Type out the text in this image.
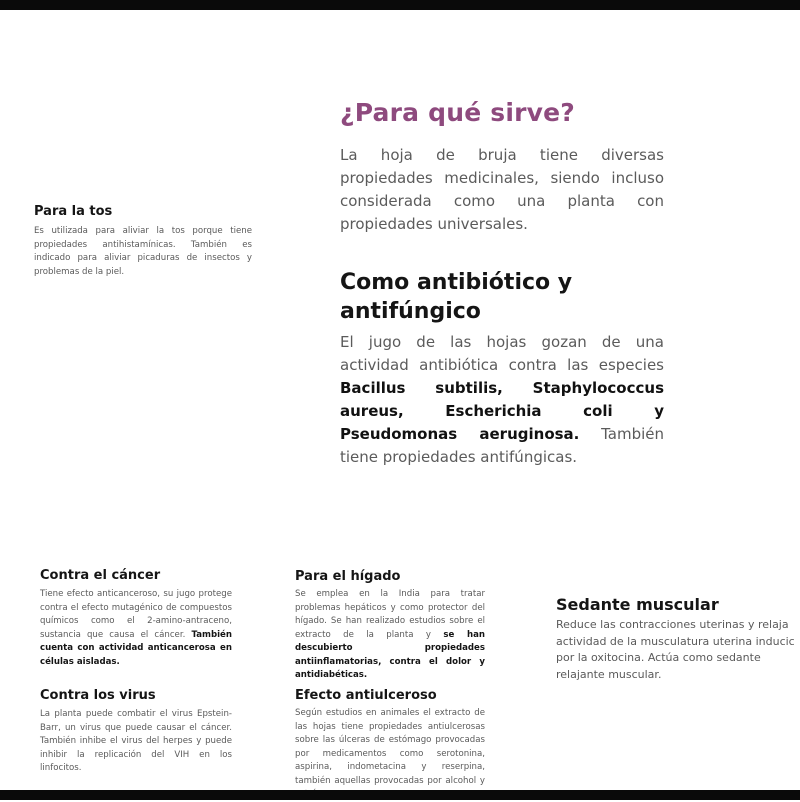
¿Para qué sirve?

La hoja de bruja tiene diversas propiedades medicinales, siendo incluso considerada como una planta con propiedades universales.

Como antibiótico y antifúngico

El jugo de las hojas gozan de una actividad antibiótica contra las especies Bacillus subtilis, Staphylococcus aureus, Escherichia coli y Pseudomonas aeruginosa. También tiene propiedades antifúngicas.

Para la tos

Es utilizada para aliviar la tos porque tiene propiedades antihistamínicas. También es indicado para aliviar picaduras de insectos y problemas de la piel.

Contra el cáncer

Tiene efecto anticanceroso, su jugo protege contra el efecto mutagénico de compuestos químicos como el 2-amino-antraceno, sustancia que causa el cáncer. También cuenta con actividad anticancerosa en células aisladas.

Contra los virus

La planta puede combatir el virus Epstein-Barr, un virus que puede causar el cáncer. También inhibe el virus del herpes y puede inhibir la replicación del VIH en los linfocitos.

Para el hígado

Se emplea en la India para tratar problemas hepáticos y como protector del hígado. Se han realizado estudios sobre el extracto de la planta y se han descubierto propiedades antiinflamatorias, contra el dolor y antidiabéticas.

Efecto antiulceroso

Según estudios en animales el extracto de las hojas tiene propiedades antiulcerosas sobre las úlceras de estómago provocadas por medicamentos como serotonina, aspirina, indometacina y reserpina, también aquellas provocadas por alcohol y

Sedante muscular

Reduce las contracciones uterinas y relaja
actividad de la musculatura uterina inducic
por la oxitocina. Actúa como sedante
relajante muscular.
